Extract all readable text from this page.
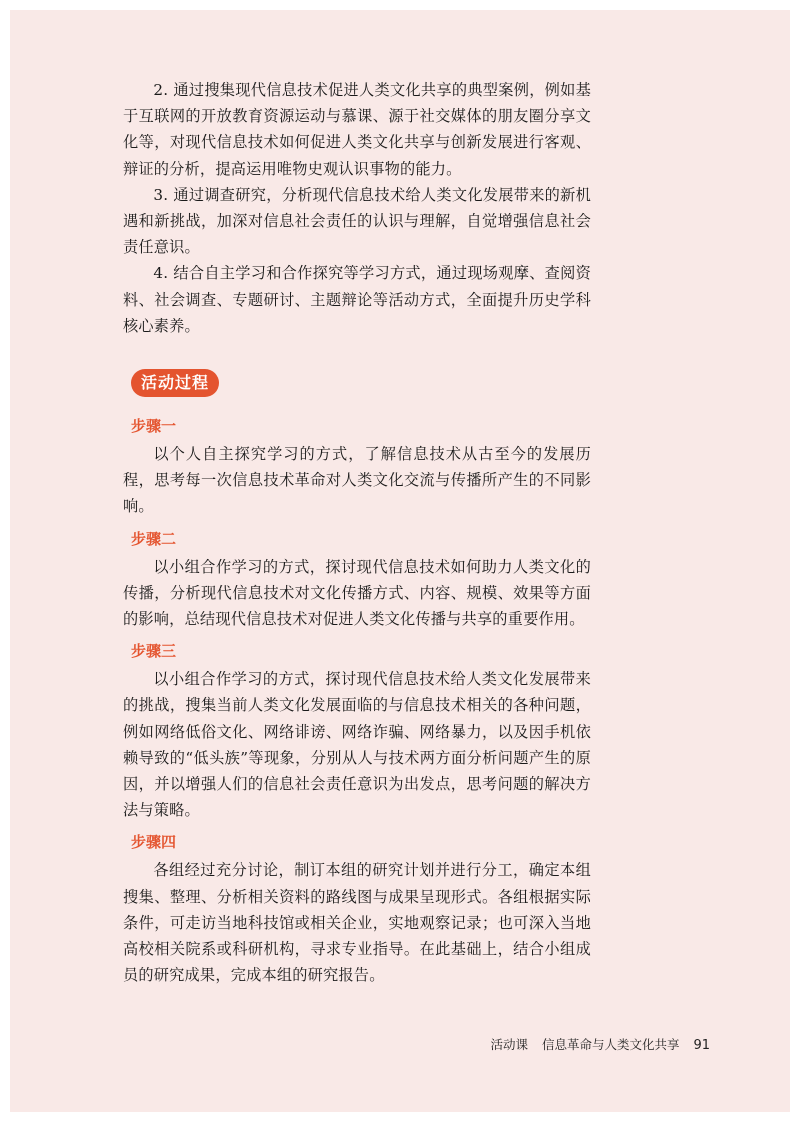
2. 通过搜集现代信息技术促进人类文化共享的典型案例，例如基于互联网的开放教育资源运动与慕课、源于社交媒体的朋友圈分享文化等，对现代信息技术如何促进人类文化共享与创新发展进行客观、辩证的分析，提高运用唯物史观认识事物的能力。

3. 通过调查研究，分析现代信息技术给人类文化发展带来的新机遇和新挑战，加深对信息社会责任的认识与理解，自觉增强信息社会责任意识。

4. 结合自主学习和合作探究等学习方式，通过现场观摩、查阅资料、社会调查、专题研讨、主题辩论等活动方式，全面提升历史学科核心素养。

活动过程

步骤一

以个人自主探究学习的方式，了解信息技术从古至今的发展历程，思考每一次信息技术革命对人类文化交流与传播所产生的不同影响。

步骤二

以小组合作学习的方式，探讨现代信息技术如何助力人类文化的传播，分析现代信息技术对文化传播方式、内容、规模、效果等方面的影响，总结现代信息技术对促进人类文化传播与共享的重要作用。

步骤三

以小组合作学习的方式，探讨现代信息技术给人类文化发展带来的挑战，搜集当前人类文化发展面临的与信息技术相关的各种问题，例如网络低俗文化、网络诽谤、网络诈骗、网络暴力，以及因手机依赖导致的“低头族”等现象，分别从人与技术两方面分析问题产生的原因，并以增强人们的信息社会责任意识为出发点，思考问题的解决方法与策略。

步骤四

各组经过充分讨论，制订本组的研究计划并进行分工，确定本组搜集、整理、分析相关资料的路线图与成果呈现形式。各组根据实际条件，可走访当地科技馆或相关企业，实地观察记录；也可深入当地高校相关院系或科研机构，寻求专业指导。在此基础上，结合小组成员的研究成果，完成本组的研究报告。

活动课 信息革命与人类文化共享 91
